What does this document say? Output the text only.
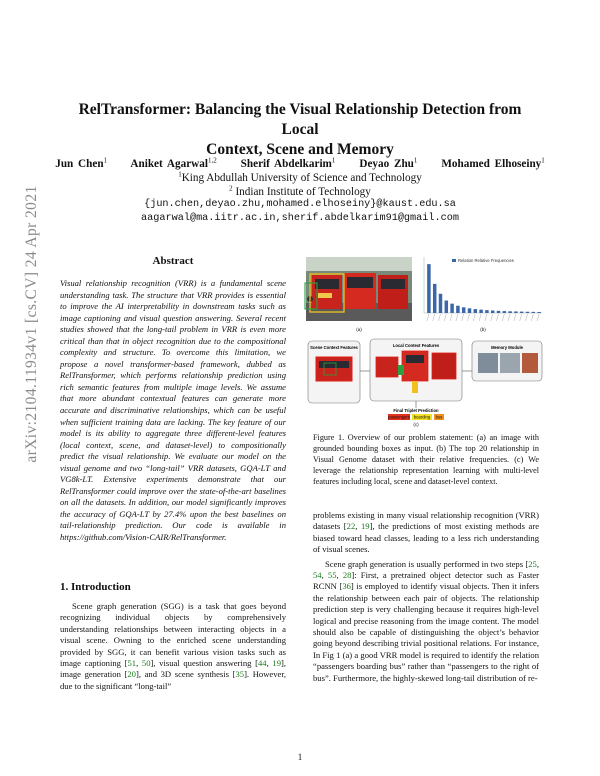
arXiv:2104.11934v1 [cs.CV] 24 Apr 2021
RelTransformer: Balancing the Visual Relationship Detection from Local
Context, Scene and Memory
Jun Chen$^1$ Aniket Agarwal$^{1,2}$ Sherif Abdelkarim$^1$ Deyao Zhu$^1$ Mohamed Elhoseiny$^1$
$^1$King Abdullah University of Science and Technology
$^2$ Indian Institute of Technology
{jun.chen,deyao.zhu,mohamed.elhoseiny}@kaust.edu.sa
aagarwal@ma.iitr.ac.in,sherif.abdelkarim91@gmail.com
Abstract
Visual relationship recognition (VRR) is a fundamental scene understanding task. The structure that VRR provides is essential to improve the AI interpretability in downstream tasks such as image captioning and visual question answering. Several recent studies showed that the long-tail problem in VRR is even more critical than that in object recognition due to the compositional complexity and structure. To overcome this limitation, we propose a novel transformer-based framework, dubbed as RelTransformer, which performs relationship prediction using rich semantic features from multiple image levels. We assume that more abundant contextual features can generate more accurate and discriminative relationships, which can be useful when sufficient training data are lacking. The key feature of our model is its ability to aggregate three different-level features (local context, scene, and dataset-level) to compositionally predict the visual relationship. We evaluate our model on the visual genome and two “long-tail” VRR datasets, GQA-LT and VG8k-LT. Extensive experiments demonstrate that our RelTransformer could improve over the state-of-the-art baselines on all the datasets. In addition, our model significantly improves the accuracy of GQA-LT by 27.4% upon the best baselines on tail-relationship prediction. Our code is available in https://github.com/Vision-CAIR/RelTransformer.
1. Introduction
Scene graph generation (SGG) is a task that goes beyond recognizing individual objects by comprehensively understanding relationships between interacting objects in a visual scene. Owning to the enriched scene understanding provided by SGG, it can benefit various vision tasks such as image captioning [51, 50], visual question answering [44, 19], image generation [20], and 3D scene synthesis [35]. However, due to the significant “long-tail”
(a)
Relation Relative Frequencies
(b)
Scene Context Features	Local Context Features	Memory Module
Final Triplet Prediction
passengers boarding bus
(c)
Figure 1. Overview of our problem statement: (a) an image with grounded bounding boxes as input. (b) The top 20 relationship in Visual Genome dataset with their relative frequencies. (c) We leverage the relationship representation learning with multi-level features including local, scene and dataset-level context.

problems existing in many visual relationship recognition (VRR) datasets [22, 19], the predictions of most existing methods are biased toward head classes, leading to a less rich understanding of visual scenes.

Scene graph generation is usually performed in two steps [25, 54, 55, 28]: First, a pretrained object detector such as Faster RCNN [36] is employed to identify visual objects. Then it infers the relationship between each pair of objects. The relationship prediction step is very challenging because it requires high-level logical and precise reasoning from the image content. The model should also be capable of distinguishing the object’s behavior going beyond describing trivial positional relations. For instance, In Fig 1 (a) a good VRR model is required to identify the relation “passengers boarding bus” rather than “passengers to the right of bus”. Furthermore, the highly-skewed long-tail distribution of re-

1
